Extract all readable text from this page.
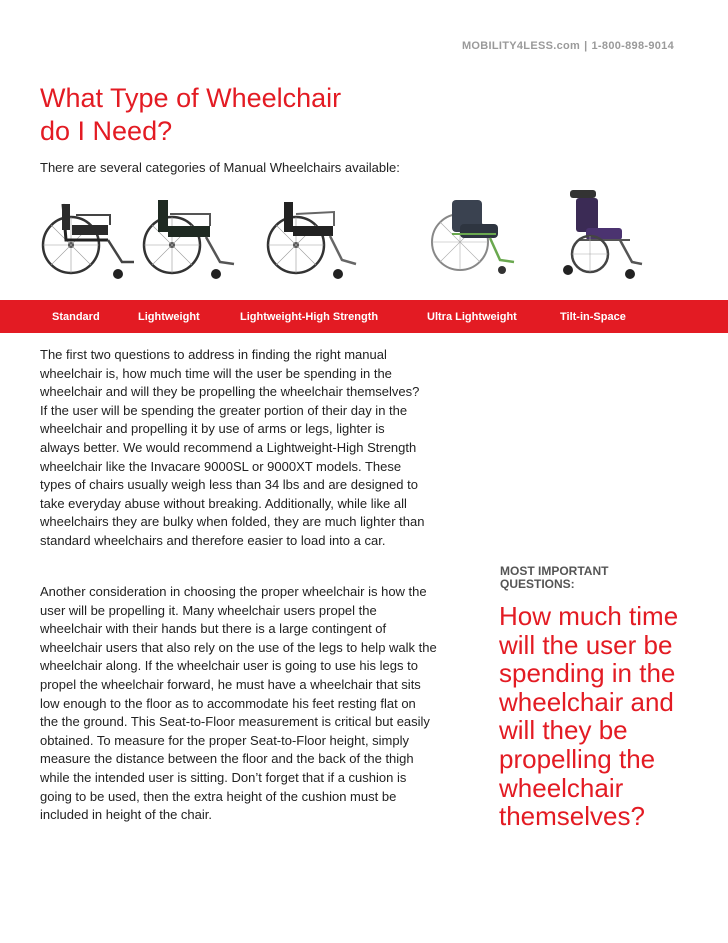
MOBILITY4LESS.com | 1-800-898-9014
What Type of Wheelchair
do I Need?
There are several categories of Manual Wheelchairs available:
Standard	Lightweight	Lightweight-High Strength	Ultra Lightweight	Tilt-in-Space
The first two questions to address in finding the right manual
wheelchair is, how much time will the user be spending in the
wheelchair and will they be propelling the wheelchair themselves?
If the user will be spending the greater portion of their day in the
wheelchair and propelling it by use of arms or legs, lighter is
always better. We would recommend a Lightweight-High Strength
wheelchair like the Invacare 9000SL or 9000XT models. These
types of chairs usually weigh less than 34 lbs and are designed to
take everyday abuse without breaking. Additionally, while like all
wheelchairs they are bulky when folded, they are much lighter than
standard wheelchairs and therefore easier to load into a car.
Another consideration in choosing the proper wheelchair is how the
user will be propelling it. Many wheelchair users propel the
wheelchair with their hands but there is a large contingent of
wheelchair users that also rely on the use of the legs to help walk the
wheelchair along. If the wheelchair user is going to use his legs to
propel the wheelchair forward, he must have a wheelchair that sits
low enough to the floor as to accommodate his feet resting flat on
the the ground. This Seat-to-Floor measurement is critical but easily
obtained. To measure for the proper Seat-to-Floor height, simply
measure the distance between the floor and the back of the thigh
while the intended user is sitting. Don’t forget that if a cushion is
going to be used, then the extra height of the cushion must be
included in height of the chair.
MOST IMPORTANT
QUESTIONS:
How much time
will the user be
spending in the
wheelchair and
will they be
propelling the
wheelchair
themselves?
